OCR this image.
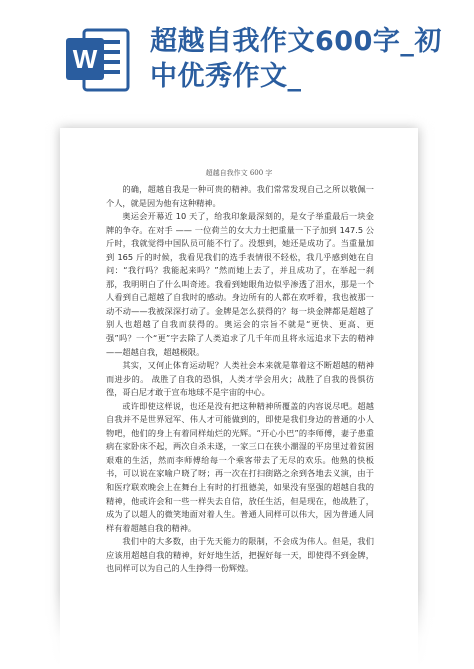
W
超越自我作文600字_初中优秀作文_
超越自我作文 600 字

的确，超越自我是一种可贵的精神。我们常常发现自己之所以敬佩一个人，就是因为他有这种精神。

奥运会开幕近 10 天了，给我印象最深刻的，是女子举重最后一块金牌的争夺。在对手 —— 一位荷兰的女大力士把重量一下子加到 147.5 公斤时，我就觉得中国队员可能不行了。没想到，她还是成功了。当重量加到 165 斤的时候，我看见我们的选手表情很不轻松，我几乎感到她在自问：“我行吗？我能起来吗？”然而她上去了，并且成功了，在举起一刹那，我明明白了什么叫奇迹。我看到她眼角边似乎渗透了泪水，那是一个人看到自己超越了自我时的感动。身边所有的人都在欢呼着，我也被那一动不动——我被深深打动了。金牌是怎么获得的？每一块金牌都是超越了别人也超越了自我而获得的。奥运会的宗旨不就是“更快、更高、更强”吗？一个“更”字去除了人类追求了几千年而且将永远追求下去的精神——超越自我，超越极限。

其实，又何止体育运动呢？人类社会本来就是靠着这不断超越的精神而进步的。 战胜了自我的恐惧，人类才学会用火；战胜了自我的畏惧彷徨，哥白尼才敢于宣布地球不是宇宙的中心。

或许即使这样说，也还是没有把这种精神所覆盖的内容说尽吧。超越自我并不是世界冠军、伟人才可能做到的，即使是我们身边的普通的小人物吧，他们的身上有着同样灿烂的光辉。“开心小巴”的李师傅，妻子患重病在家卧床不起，两次自杀未遂，一家三口在狭小潮湿的平房里过着贫困艰难的生活，然而李师傅给每一个乘客带去了无尽的欢乐。他熟的快板书，可以说在家喻户晓了呀；再一次在打扫街路之余到各地去义演，由于和医疗联欢晚会上在舞台上有时的打扭德美，如果没有坚强的超越自我的精神，他或许会和一些一样失去自信，放任生活，但是现在，他战胜了，成为了以超人的微笑地面对着人生。普通人同样可以伟大，因为普通人同样有着超越自我的精神。

我们中的大多数，由于先天能力的限制，不会成为伟人。但是，我们应该用超越自我的精神，好好地生活，把握好每一天，即使得不到金牌，也同样可以为自己的人生挣得一份辉煌。
